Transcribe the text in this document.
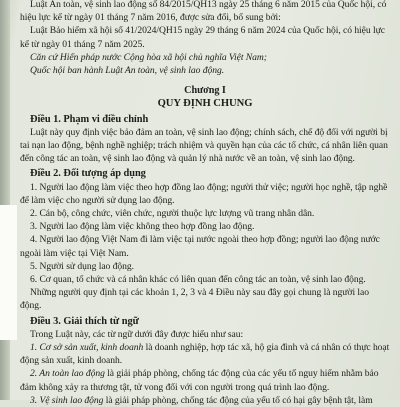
Luật An toàn, vệ sinh lao động số 84/2015/QH13 ngày 25 tháng 6 năm 2015 của Quốc hội, có hiệu lực kể từ ngày 01 tháng 7 năm 2016, được sửa đổi, bổ sung bởi:

Luật Bảo hiểm xã hội số 41/2024/QH15 ngày 29 tháng 6 năm 2024 của Quốc hội, có hiệu lực kể từ ngày 01 tháng 7 năm 2025.

Căn cứ Hiến pháp nước Cộng hòa xã hội chủ nghĩa Việt Nam;

Quốc hội ban hành Luật An toàn, vệ sinh lao động.

Chương I

QUY ĐỊNH CHUNG

Điều 1. Phạm vi điều chỉnh

Luật này quy định việc bảo đảm an toàn, vệ sinh lao động; chính sách, chế độ đối với người bị tai nạn lao động, bệnh nghề nghiệp; trách nhiệm và quyền hạn của các tổ chức, cá nhân liên quan đến công tác an toàn, vệ sinh lao động và quản lý nhà nước về an toàn, vệ sinh lao động.

Điều 2. Đối tượng áp dụng

1. Người lao động làm việc theo hợp đồng lao động; người thử việc; người học nghề, tập nghề để làm việc cho người sử dụng lao động.

2. Cán bộ, công chức, viên chức, người thuộc lực lượng vũ trang nhân dân.

3. Người lao động làm việc không theo hợp đồng lao động.

4. Người lao động Việt Nam đi làm việc tại nước ngoài theo hợp đồng; người lao động nước ngoài làm việc tại Việt Nam.

5. Người sử dụng lao động.

6. Cơ quan, tổ chức và cá nhân khác có liên quan đến công tác an toàn, vệ sinh lao động.

Những người quy định tại các khoản 1, 2, 3 và 4 Điều này sau đây gọi chung là người lao động.

Điều 3. Giải thích từ ngữ

Trong Luật này, các từ ngữ dưới đây được hiểu như sau:

1. Cơ sở sản xuất, kinh doanh là doanh nghiệp, hợp tác xã, hộ gia đình và cá nhân có thực hoạt động sản xuất, kinh doanh.

2. An toàn lao động là giải pháp phòng, chống tác động của các yếu tố nguy hiểm nhằm bảo đảm không xảy ra thương tật, tử vong đối với con người trong quá trình lao động.

3. Vệ sinh lao động là giải pháp phòng, chống tác động của yếu tố có hại gây bệnh tật, làm
